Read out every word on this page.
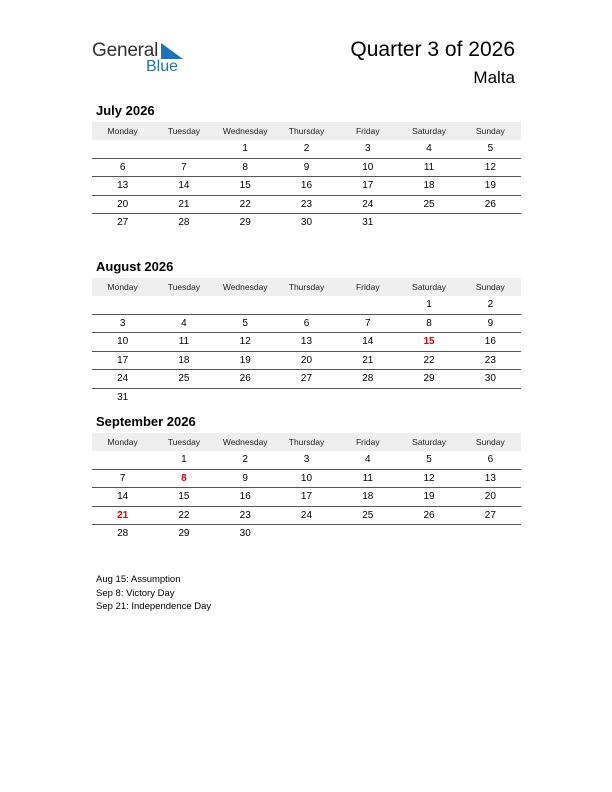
General
Blue
Quarter 3 of 2026
Malta
July 2026
Monday	Tuesday	Wednesday	Thursday	Friday	Saturday	Sunday
		1	2	3	4	5
6	7	8	9	10	11	12
13	14	15	16	17	18	19
20	21	22	23	24	25	26
27	28	29	30	31		
August 2026
Monday	Tuesday	Wednesday	Thursday	Friday	Saturday	Sunday
					1	2
3	4	5	6	7	8	9
10	11	12	13	14	15	16
17	18	19	20	21	22	23
24	25	26	27	28	29	30
31						
September 2026
Monday	Tuesday	Wednesday	Thursday	Friday	Saturday	Sunday
	1	2	3	4	5	6
7	8	9	10	11	12	13
14	15	16	17	18	19	20
21	22	23	24	25	26	27
28	29	30				
Aug 15: Assumption
Sep 8: Victory Day
Sep 21: Independence Day
